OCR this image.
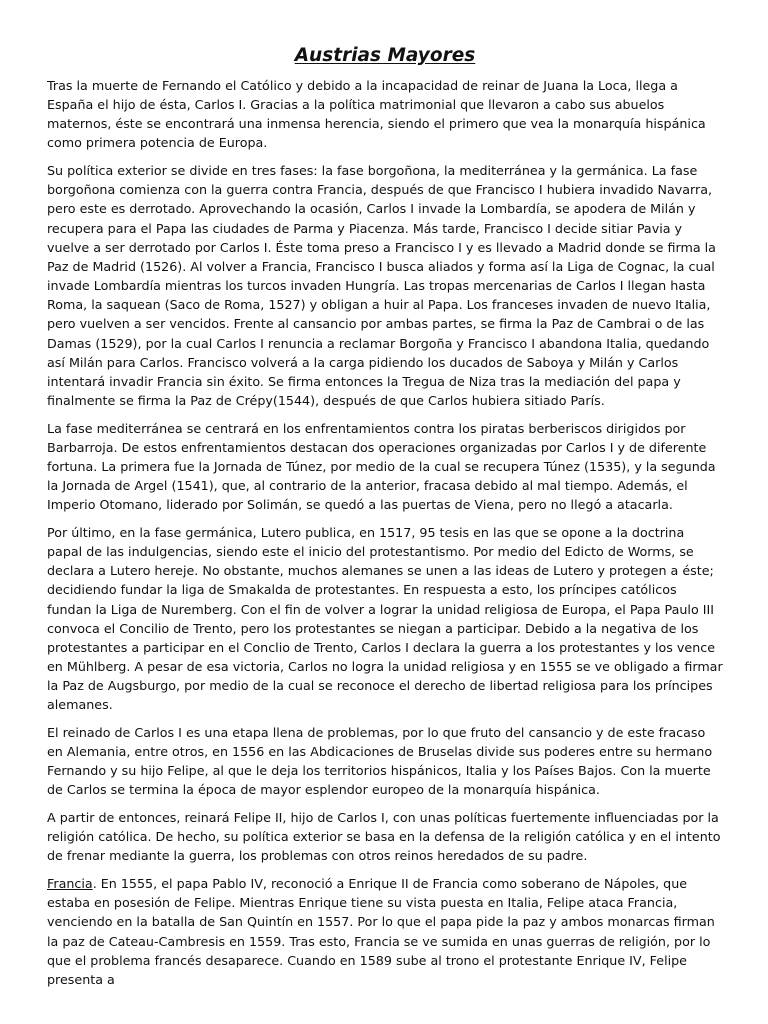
Austrias Mayores

Tras la muerte de Fernando el Católico y debido a la incapacidad de reinar de Juana la Loca, llega a España el hijo de ésta, Carlos I. Gracias a la política matrimonial que llevaron a cabo sus abuelos maternos, éste se encontrará una inmensa herencia, siendo el primero que vea la monarquía hispánica como primera potencia de Europa.

Su política exterior se divide en tres fases: la fase borgoñona, la mediterránea y la germánica. La fase borgoñona comienza con la guerra contra Francia, después de que Francisco I hubiera invadido Navarra, pero este es derrotado. Aprovechando la ocasión, Carlos I invade la Lombardía, se apodera de Milán y recupera para el Papa las ciudades de Parma y Piacenza. Más tarde, Francisco I decide sitiar Pavia y vuelve a ser derrotado por Carlos I. Éste toma preso a Francisco I y es llevado a Madrid donde se firma la Paz de Madrid (1526). Al volver a Francia, Francisco I busca aliados y forma así la Liga de Cognac, la cual invade Lombardía mientras los turcos invaden Hungría. Las tropas mercenarias de Carlos I llegan hasta Roma, la saquean (Saco de Roma, 1527) y obligan a huir al Papa. Los franceses invaden de nuevo Italia, pero vuelven a ser vencidos. Frente al cansancio por ambas partes, se firma la Paz de Cambrai o de las Damas (1529), por la cual Carlos I renuncia a reclamar Borgoña y Francisco I abandona Italia, quedando así Milán para Carlos. Francisco volverá a la carga pidiendo los ducados de Saboya y Milán y Carlos intentará invadir Francia sin éxito. Se firma entonces la Tregua de Niza tras la mediación del papa y finalmente se firma la Paz de Crépy(1544), después de que Carlos hubiera sitiado París.

La fase mediterránea se centrará en los enfrentamientos contra los piratas berberiscos dirigidos por Barbarroja. De estos enfrentamientos destacan dos operaciones organizadas por Carlos I y de diferente fortuna. La primera fue la Jornada de Túnez, por medio de la cual se recupera Túnez (1535), y la segunda la Jornada de Argel (1541), que, al contrario de la anterior, fracasa debido al mal tiempo. Además, el Imperio Otomano, liderado por Solimán, se quedó a las puertas de Viena, pero no llegó a atacarla.

Por último, en la fase germánica, Lutero publica, en 1517, 95 tesis en las que se opone a la doctrina papal de las indulgencias, siendo este el inicio del protestantismo. Por medio del Edicto de Worms, se declara a Lutero hereje. No obstante, muchos alemanes se unen a las ideas de Lutero y protegen a éste; decidiendo fundar la liga de Smakalda de protestantes. En respuesta a esto, los príncipes católicos fundan la Liga de Nuremberg. Con el fin de volver a lograr la unidad religiosa de Europa, el Papa Paulo III convoca el Concilio de Trento, pero los protestantes se niegan a participar. Debido a la negativa de los protestantes a participar en el Conclio de Trento, Carlos I declara la guerra a los protestantes y los vence en Mühlberg. A pesar de esa victoria, Carlos no logra la unidad religiosa y en 1555 se ve obligado a firmar la Paz de Augsburgo, por medio de la cual se reconoce el derecho de libertad religiosa para los príncipes alemanes.

El reinado de Carlos I es una etapa llena de problemas, por lo que fruto del cansancio y de este fracaso en Alemania, entre otros, en 1556 en las Abdicaciones de Bruselas divide sus poderes entre su hermano Fernando y su hijo Felipe, al que le deja los territorios hispánicos, Italia y los Países Bajos. Con la muerte de Carlos se termina la época de mayor esplendor europeo de la monarquía hispánica.

A partir de entonces, reinará Felipe II, hijo de Carlos I, con unas políticas fuertemente influenciadas por la religión católica. De hecho, su política exterior se basa en la defensa de la religión católica y en el intento de frenar mediante la guerra, los problemas con otros reinos heredados de su padre.

Francia. En 1555, el papa Pablo IV, reconoció a Enrique II de Francia como soberano de Nápoles, que estaba en posesión de Felipe. Mientras Enrique tiene su vista puesta en Italia, Felipe ataca Francia, venciendo en la batalla de San Quintín en 1557. Por lo que el papa pide la paz y ambos monarcas firman la paz de Cateau-Cambresis en 1559. Tras esto, Francia se ve sumida en unas guerras de religión, por lo que el problema francés desaparece. Cuando en 1589 sube al trono el protestante Enrique IV, Felipe presenta a
